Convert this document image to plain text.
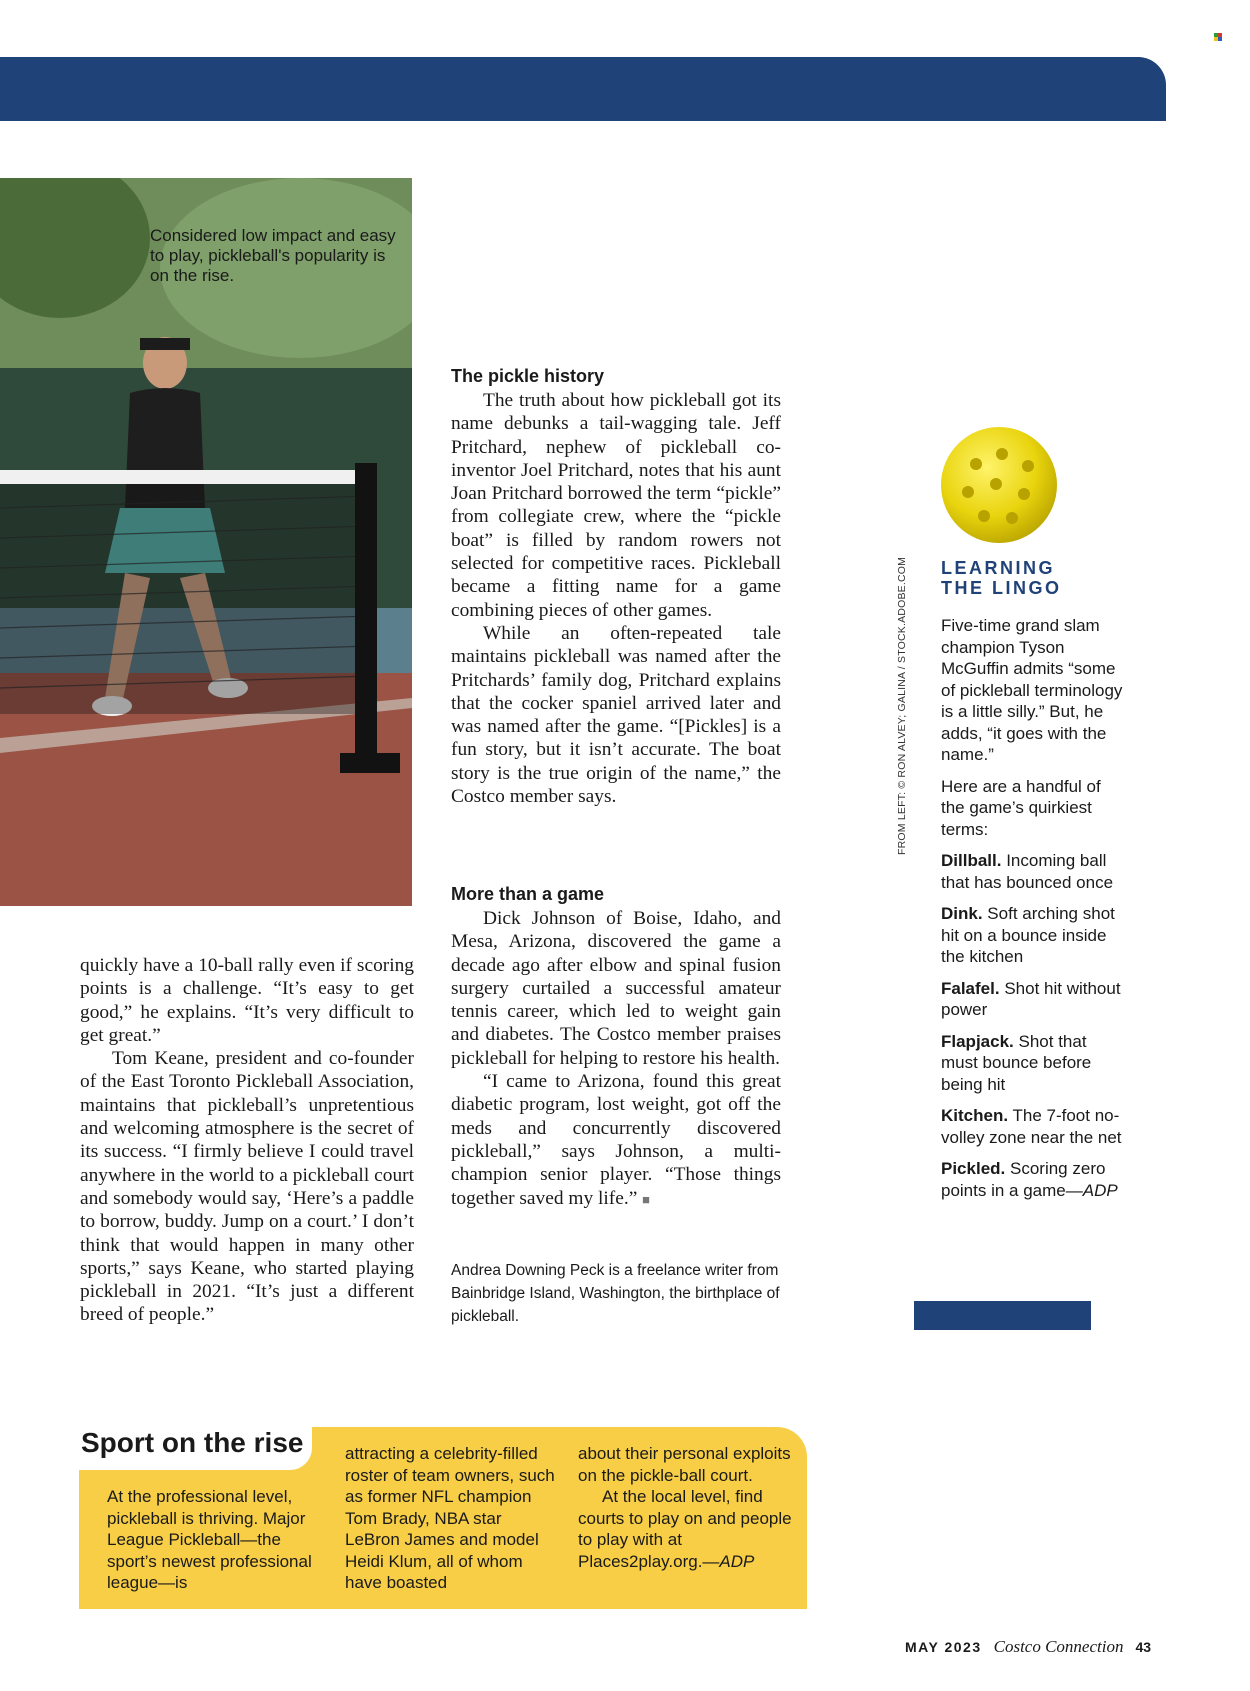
Considered low impact and easy to play, pickleball's popularity is on the rise.

quickly have a 10-ball rally even if scoring points is a challenge. “It’s easy to get good,” he explains. “It’s very difficult to get great.”

Tom Keane, president and co-founder of the East Toronto Pickleball Association, maintains that pickleball’s unpretentious and welcoming atmosphere is the secret of its success. “I firmly believe I could travel anywhere in the world to a pickleball court and somebody would say, ‘Here’s a paddle to borrow, buddy. Jump on a court.’ I don’t think that would happen in many other sports,” says Keane, who started playing pickleball in 2021. “It’s just a different breed of people.”

The pickle history

The truth about how pickleball got its name debunks a tail-wagging tale. Jeff Pritchard, nephew of pickleball co-inventor Joel Pritchard, notes that his aunt Joan Pritchard borrowed the term “pickle” from collegiate crew, where the “pickle boat” is filled by random rowers not selected for competitive races. Pickleball became a fitting name for a game combining pieces of other games.

While an often-repeated tale maintains pickleball was named after the Pritchards’ family dog, Pritchard explains that the cocker spaniel arrived later and was named after the game. “[Pickles] is a fun story, but it isn’t accurate. The boat story is the true origin of the name,” the Costco member says.

More than a game

Dick Johnson of Boise, Idaho, and Mesa, Arizona, discovered the game a decade ago after elbow and spinal fusion surgery curtailed a successful amateur tennis career, which led to weight gain and diabetes. The Costco member praises pickleball for helping to restore his health.

“I came to Arizona, found this great diabetic program, lost weight, got off the meds and concurrently discovered pickleball,” says Johnson, a multi-champion senior player. “Those things together saved my life.” ■

Andrea Downing Peck is a freelance writer from Bainbridge Island, Washington, the birthplace of pickleball.
FROM LEFT: © RON ALVEY; GALINA / STOCK.ADOBE.COM LEARNING
THE LINGO

Five-time grand slam champion Tyson McGuffin admits “some of pickleball terminology is a little silly.” But, he adds, “it goes with the name.”

Here are a handful of the game’s quirkiest terms:

Dillball. Incoming ball that has bounced once

Dink. Soft arching shot hit on a bounce inside the kitchen

Falafel. Shot hit without power

Flapjack. Shot that must bounce before being hit

Kitchen. The 7-foot no-volley zone near the net

Pickled. Scoring zero points in a game—ADP

Sport on the rise

At the professional level, pickleball is thriving. Major League Pickleball—the sport’s newest professional league—is

attracting a celebrity-filled roster of team owners, such as former NFL champion Tom Brady, NBA star LeBron James and model Heidi Klum, all of whom have boasted

about their personal exploits on the pickle-ball court.

At the local level, find courts to play on and people to play with at Places2play.org.—ADP

MAY 2023 Costco Connection 43
